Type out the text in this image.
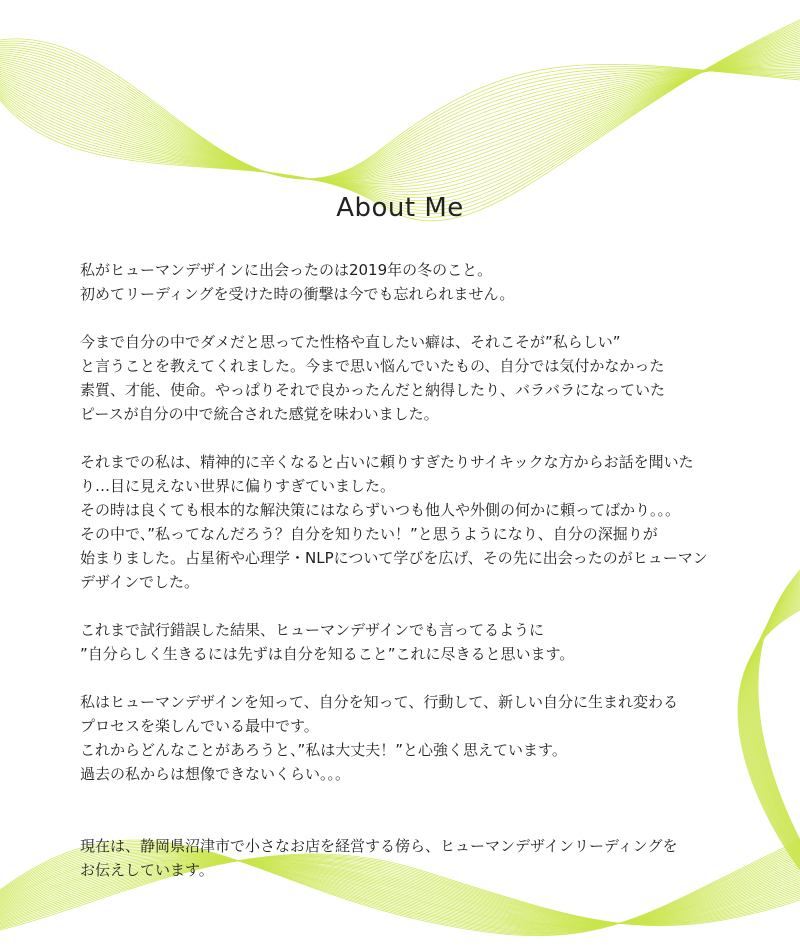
About Me

私がヒューマンデザインに出会ったのは2019年の冬のこと。
初めてリーディングを受けた時の衝撃は今でも忘れられません。

今まで自分の中でダメだと思ってた性格や直したい癖は、それこそが”私らしい”
と言うことを教えてくれました。今まで思い悩んでいたもの、自分では気付かなかった
素質、才能、使命。やっぱりそれで良かったんだと納得したり、バラバラになっていた
ピースが自分の中で統合された感覚を味わいました。

それまでの私は、精神的に辛くなると占いに頼りすぎたりサイキックな方からお話を聞いた
り…目に見えない世界に偏りすぎていました。
その時は良くても根本的な解決策にはならずいつも他人や外側の何かに頼ってばかり。。。
その中で、”私ってなんだろう？自分を知りたい！”と思うようになり、自分の深掘りが
始まりました。占星術や心理学・NLPについて学びを広げ、その先に出会ったのがヒューマン
デザインでした。

これまで試行錯誤した結果、ヒューマンデザインでも言ってるように
”自分らしく生きるには先ずは自分を知ること”これに尽きると思います。

私はヒューマンデザインを知って、自分を知って、行動して、新しい自分に生まれ変わる
プロセスを楽しんでいる最中です。
これからどんなことがあろうと、”私は大丈夫！”と心強く思えています。
過去の私からは想像できないくらい。。。

現在は、静岡県沼津市で小さなお店を経営する傍ら、ヒューマンデザインリーディングを
お伝えしています。
